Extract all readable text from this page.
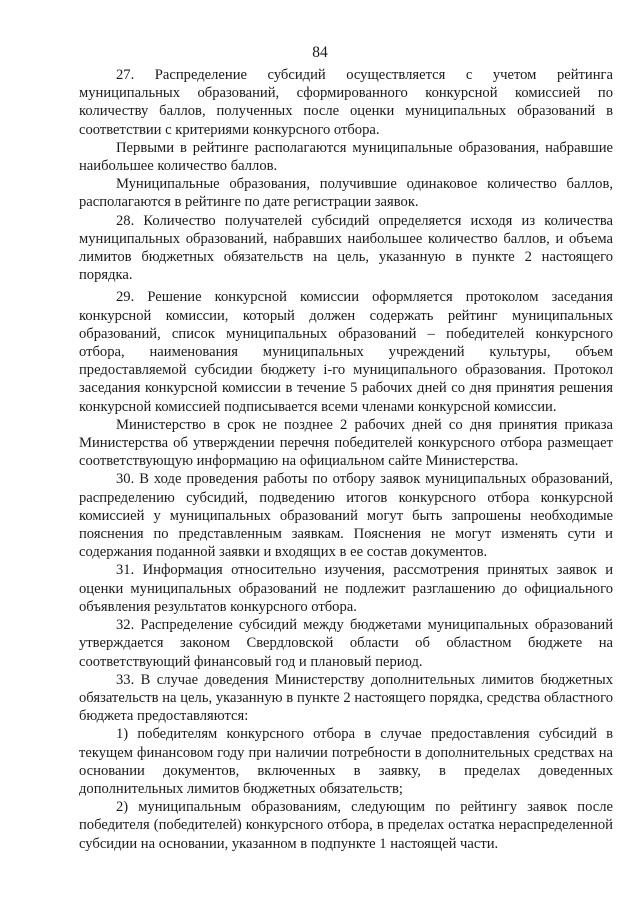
84

27. Распределение субсидий осуществляется с учетом рейтинга муниципальных образований, сформированного конкурсной комиссией по количеству баллов, полученных после оценки муниципальных образований в соответствии с критериями конкурсного отбора.

Первыми в рейтинге располагаются муниципальные образования, набравшие наибольшее количество баллов.

Муниципальные образования, получившие одинаковое количество баллов, располагаются в рейтинге по дате регистрации заявок.

28. Количество получателей субсидий определяется исходя из количества муниципальных образований, набравших наибольшее количество баллов, и объема лимитов бюджетных обязательств на цель, указанную в пункте 2 настоящего порядка.

29. Решение конкурсной комиссии оформляется протоколом заседания конкурсной комиссии, который должен содержать рейтинг муниципальных образований, список муниципальных образований – победителей конкурсного отбора, наименования муниципальных учреждений культуры, объем предоставляемой субсидии бюджету i-го муниципального образования. Протокол заседания конкурсной комиссии в течение 5 рабочих дней со дня принятия решения конкурсной комиссией подписывается всеми членами конкурсной комиссии.

Министерство в срок не позднее 2 рабочих дней со дня принятия приказа Министерства об утверждении перечня победителей конкурсного отбора размещает соответствующую информацию на официальном сайте Министерства.

30. В ходе проведения работы по отбору заявок муниципальных образований, распределению субсидий, подведению итогов конкурсного отбора конкурсной комиссией у муниципальных образований могут быть запрошены необходимые пояснения по представленным заявкам. Пояснения не могут изменять сути и содержания поданной заявки и входящих в ее состав документов.

31. Информация относительно изучения, рассмотрения принятых заявок и оценки муниципальных образований не подлежит разглашению до официального объявления результатов конкурсного отбора.

32. Распределение субсидий между бюджетами муниципальных образований утверждается законом Свердловской области об областном бюджете на соответствующий финансовый год и плановый период.

33. В случае доведения Министерству дополнительных лимитов бюджетных обязательств на цель, указанную в пункте 2 настоящего порядка, средства областного бюджета предоставляются:

1) победителям конкурсного отбора в случае предоставления субсидий в текущем финансовом году при наличии потребности в дополнительных средствах на основании документов, включенных в заявку, в пределах доведенных дополнительных лимитов бюджетных обязательств;

2) муниципальным образованиям, следующим по рейтингу заявок после победителя (победителей) конкурсного отбора, в пределах остатка нераспределенной субсидии на основании, указанном в подпункте 1 настоящей части.
